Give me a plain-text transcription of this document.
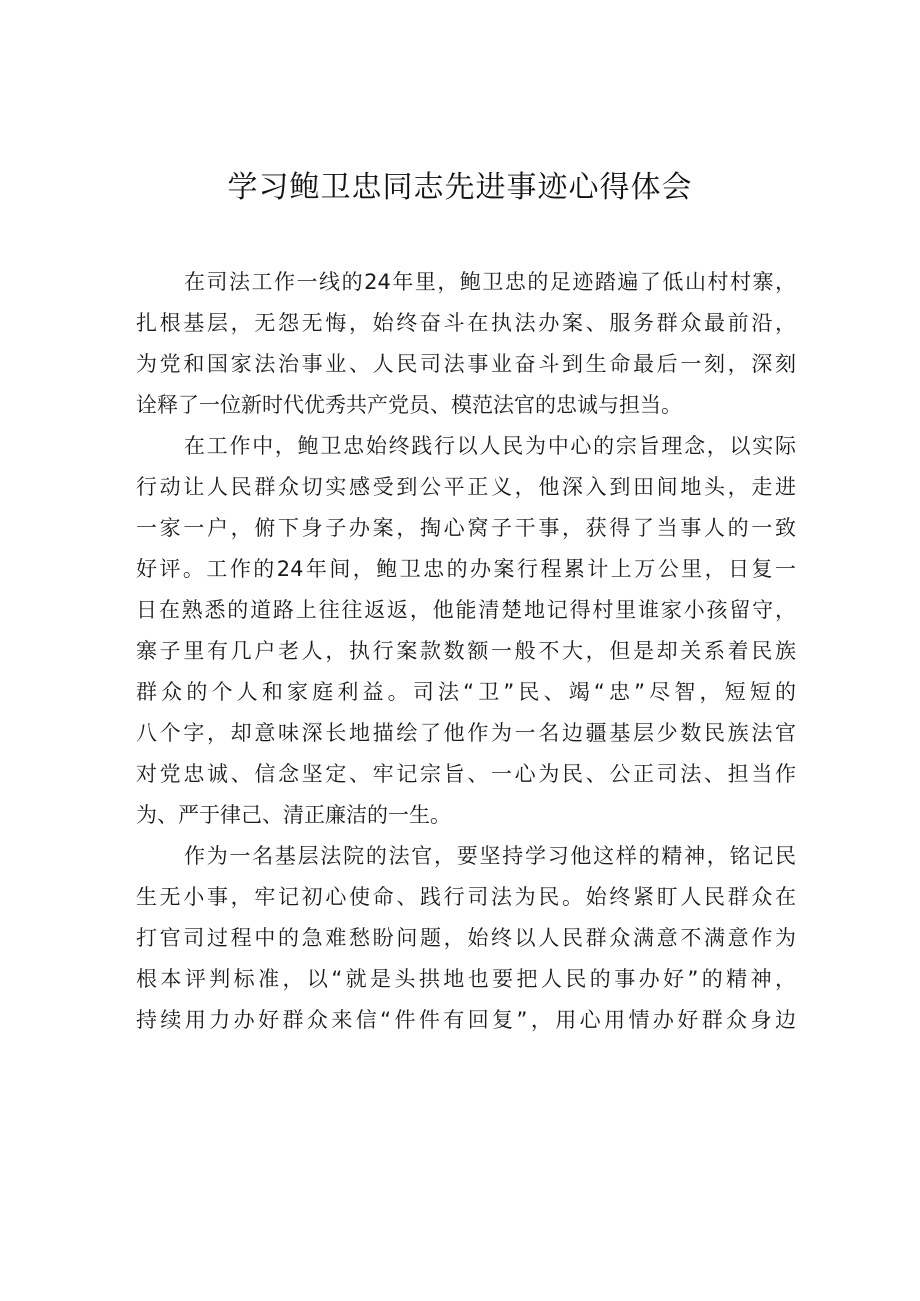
学习鲍卫忠同志先进事迹心得体会
在司法工作一线的24年里，鲍卫忠的足迹踏遍了低山村村寨，
扎根基层，无怨无悔，始终奋斗在执法办案、服务群众最前沿，
为党和国家法治事业、人民司法事业奋斗到生命最后一刻，深刻
诠释了一位新时代优秀共产党员、模范法官的忠诚与担当。
在工作中，鲍卫忠始终践行以人民为中心的宗旨理念，以实际
行动让人民群众切实感受到公平正义，他深入到田间地头，走进
一家一户，俯下身子办案，掏心窝子干事，获得了当事人的一致
好评。工作的24年间，鲍卫忠的办案行程累计上万公里，日复一
日在熟悉的道路上往往返返，他能清楚地记得村里谁家小孩留守，
寨子里有几户老人，执行案款数额一般不大，但是却关系着民族
群众的个人和家庭利益。司法“卫”民、竭“忠”尽智，短短的
八个字，却意味深长地描绘了他作为一名边疆基层少数民族法官
对党忠诚、信念坚定、牢记宗旨、一心为民、公正司法、担当作
为、严于律己、清正廉洁的一生。
作为一名基层法院的法官，要坚持学习他这样的精神，铭记民
生无小事，牢记初心使命、践行司法为民。始终紧盯人民群众在
打官司过程中的急难愁盼问题，始终以人民群众满意不满意作为
根本评判标准，以“就是头拱地也要把人民的事办好”的精神，
持续用力办好群众来信“件件有回复”，用心用情办好群众身边
